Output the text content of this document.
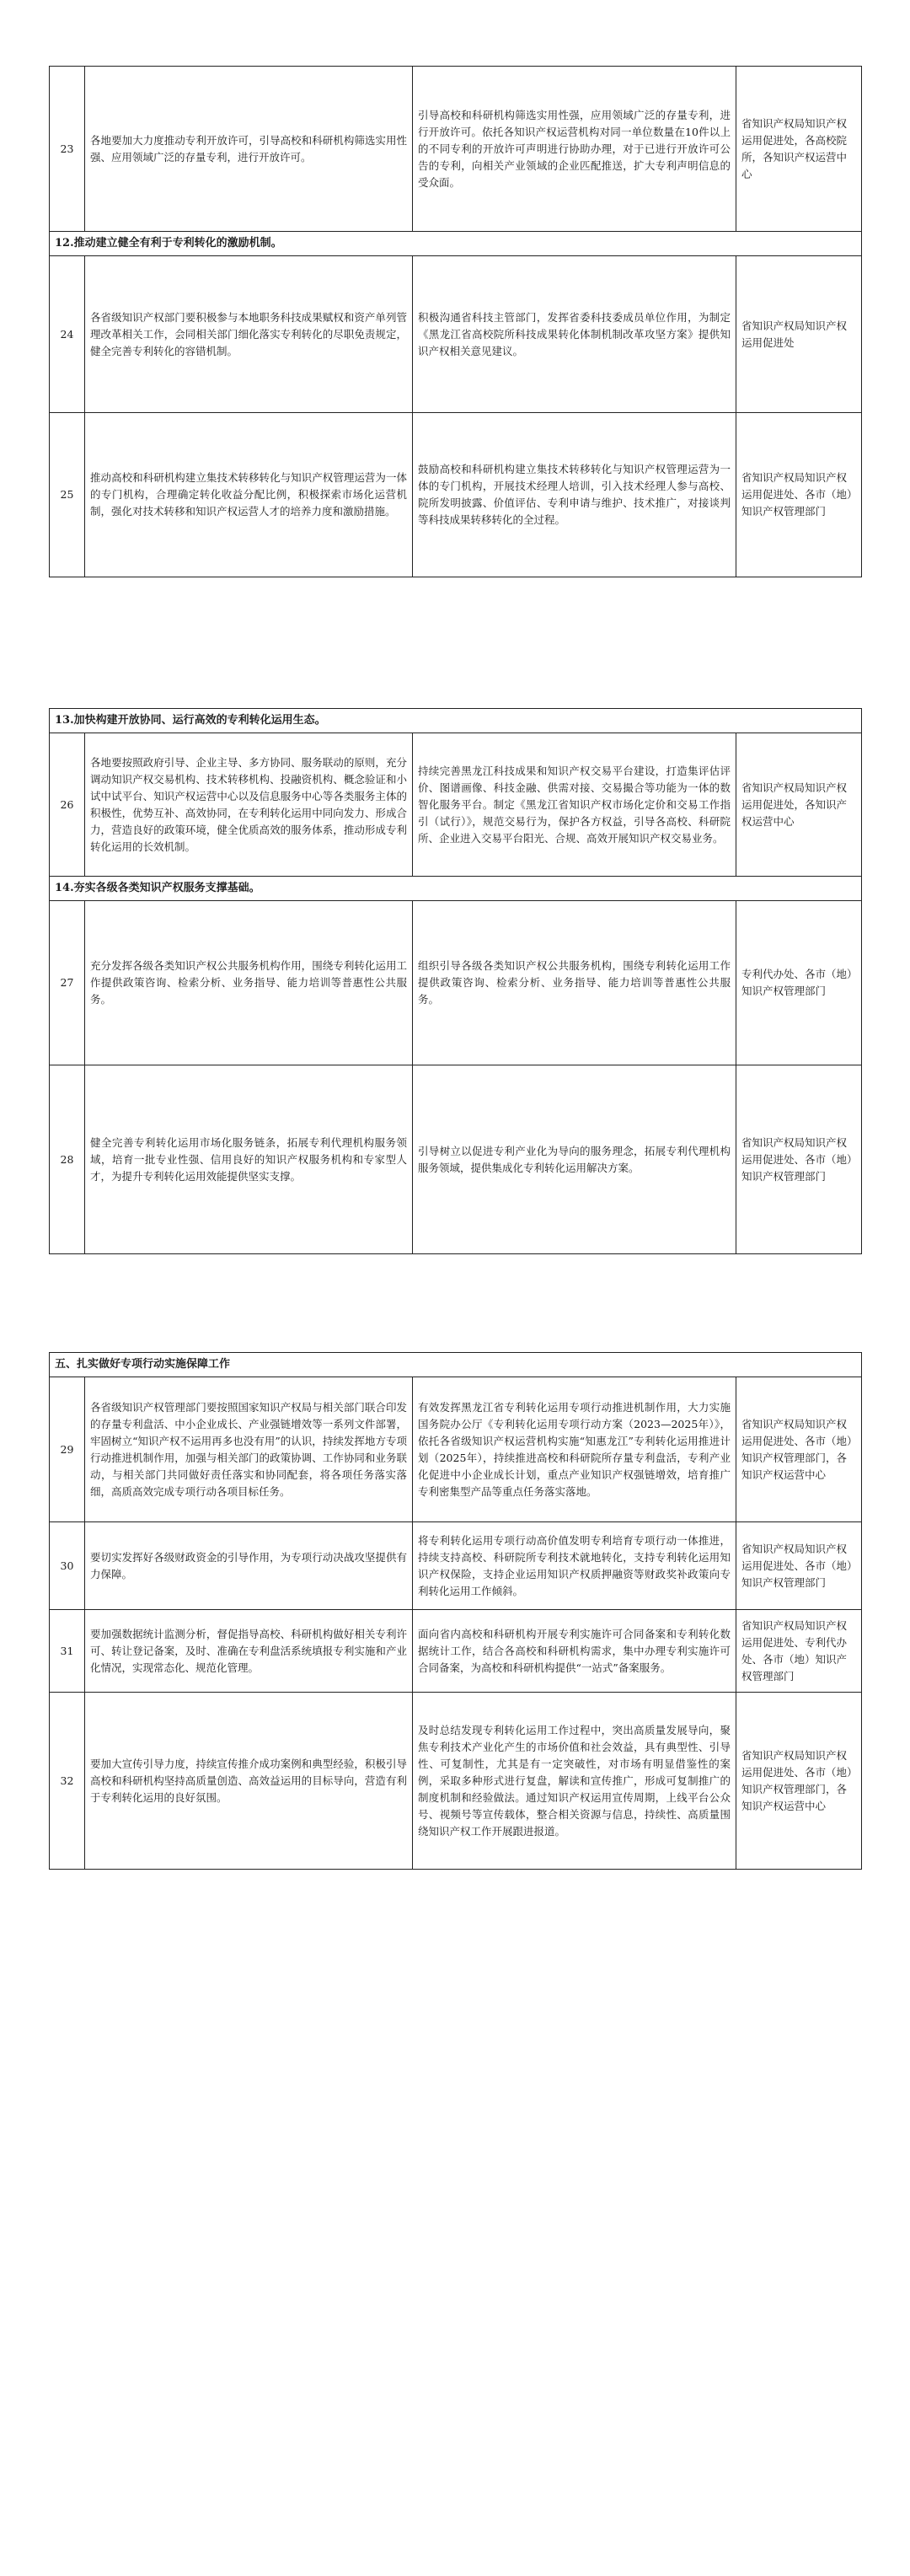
23	各地要加大力度推动专利开放许可，引导高校和科研机构筛选实用性强、应用领域广泛的存量专利，进行开放许可。	引导高校和科研机构筛选实用性强，应用领域广泛的存量专利，进行开放许可。依托各知识产权运营机构对同一单位数量在10件以上的不同专利的开放许可声明进行协助办理，对于已进行开放许可公告的专利，向相关产业领域的企业匹配推送，扩大专利声明信息的受众面。	省知识产权局知识产权运用促进处，各高校院所，各知识产权运营中心
12.推动建立健全有利于专利转化的激励机制。			
24	各省级知识产权部门要积极参与本地职务科技成果赋权和资产单列管理改革相关工作，会同相关部门细化落实专利转化的尽职免责规定，健全完善专利转化的容错机制。	积极沟通省科技主管部门，发挥省委科技委成员单位作用，为制定《黑龙江省高校院所科技成果转化体制机制改革攻坚方案》提供知识产权相关意见建议。	省知识产权局知识产权运用促进处
25	推动高校和科研机构建立集技术转移转化与知识产权管理运营为一体的专门机构，合理确定转化收益分配比例，积极探索市场化运营机制，强化对技术转移和知识产权运营人才的培养力度和激励措施。	鼓励高校和科研机构建立集技术转移转化与知识产权管理运营为一体的专门机构，开展技术经理人培训，引入技术经理人参与高校、院所发明披露、价值评估、专利申请与维护、技术推广，对接谈判等科技成果转移转化的全过程。	省知识产权局知识产权运用促进处、各市（地）知识产权管理部门
13.加快构建开放协同、运行高效的专利转化运用生态。			
26	各地要按照政府引导、企业主导、多方协同、服务联动的原则，充分调动知识产权交易机构、技术转移机构、投融资机构、概念验证和小试中试平台、知识产权运营中心以及信息服务中心等各类服务主体的积极性，优势互补、高效协同，在专利转化运用中同向发力、形成合力，营造良好的政策环境，健全优质高效的服务体系，推动形成专利转化运用的长效机制。	持续完善黑龙江科技成果和知识产权交易平台建设，打造集评估评价、图谱画像、科技金融、供需对接、交易撮合等功能为一体的数智化服务平台。制定《黑龙江省知识产权市场化定价和交易工作指引（试行）》，规范交易行为，保护各方权益，引导各高校、科研院所、企业进入交易平台阳光、合规、高效开展知识产权交易业务。	省知识产权局知识产权运用促进处，各知识产权运营中心
14.夯实各级各类知识产权服务支撑基础。			
27	充分发挥各级各类知识产权公共服务机构作用，围绕专利转化运用工作提供政策咨询、检索分析、业务指导、能力培训等普惠性公共服务。	组织引导各级各类知识产权公共服务机构，围绕专利转化运用工作提供政策咨询、检索分析、业务指导、能力培训等普惠性公共服务。	专利代办处、各市（地）知识产权管理部门
28	健全完善专利转化运用市场化服务链条，拓展专利代理机构服务领域，培育一批专业性强、信用良好的知识产权服务机构和专家型人才，为提升专利转化运用效能提供坚实支撑。	引导树立以促进专利产业化为导向的服务理念，拓展专利代理机构服务领域，提供集成化专利转化运用解决方案。	省知识产权局知识产权运用促进处、各市（地）知识产权管理部门
五、扎实做好专项行动实施保障工作			
29	各省级知识产权管理部门要按照国家知识产权局与相关部门联合印发的存量专利盘活、中小企业成长、产业强链增效等一系列文件部署，牢固树立“知识产权不运用再多也没有用”的认识，持续发挥地方专项行动推进机制作用，加强与相关部门的政策协调、工作协同和业务联动，与相关部门共同做好责任落实和协同配套，将各项任务落实落细，高质高效完成专项行动各项目标任务。	有效发挥黑龙江省专利转化运用专项行动推进机制作用，大力实施国务院办公厅《专利转化运用专项行动方案（2023—2025年）》，依托各省级知识产权运营机构实施“知惠龙江”专利转化运用推进计划（2025年），持续推进高校和科研院所存量专利盘活，专利产业化促进中小企业成长计划，重点产业知识产权强链增效，培育推广专利密集型产品等重点任务落实落地。	省知识产权局知识产权运用促进处、各市（地）知识产权管理部门，各知识产权运营中心
30	要切实发挥好各级财政资金的引导作用，为专项行动决战攻坚提供有力保障。	将专利转化运用专项行动高价值发明专利培育专项行动一体推进，持续支持高校、科研院所专利技术就地转化，支持专利转化运用知识产权保险，支持企业运用知识产权质押融资等财政奖补政策向专利转化运用工作倾斜。	省知识产权局知识产权运用促进处、各市（地）知识产权管理部门
31	要加强数据统计监测分析，督促指导高校、科研机构做好相关专利许可、转让登记备案，及时、准确在专利盘活系统填报专利实施和产业化情况，实现常态化、规范化管理。	面向省内高校和科研机构开展专利实施许可合同备案和专利转化数据统计工作，结合各高校和科研机构需求，集中办理专利实施许可合同备案，为高校和科研机构提供“一站式”备案服务。	省知识产权局知识产权运用促进处、专利代办处、各市（地）知识产权管理部门
32	要加大宣传引导力度，持续宣传推介成功案例和典型经验，积极引导高校和科研机构坚持高质量创造、高效益运用的目标导向，营造有利于专利转化运用的良好氛围。	及时总结发现专利转化运用工作过程中，突出高质量发展导向，聚焦专利技术产业化产生的市场价值和社会效益，具有典型性、引导性、可复制性，尤其是有一定突破性，对市场有明显借鉴性的案例，采取多种形式进行复盘，解读和宣传推广，形成可复制推广的制度机制和经验做法。通过知识产权运用宣传周期，上线平台公众号、视频号等宣传载体，整合相关资源与信息，持续性、高质量围绕知识产权工作开展跟进报道。	省知识产权局知识产权运用促进处、各市（地）知识产权管理部门，各知识产权运营中心
